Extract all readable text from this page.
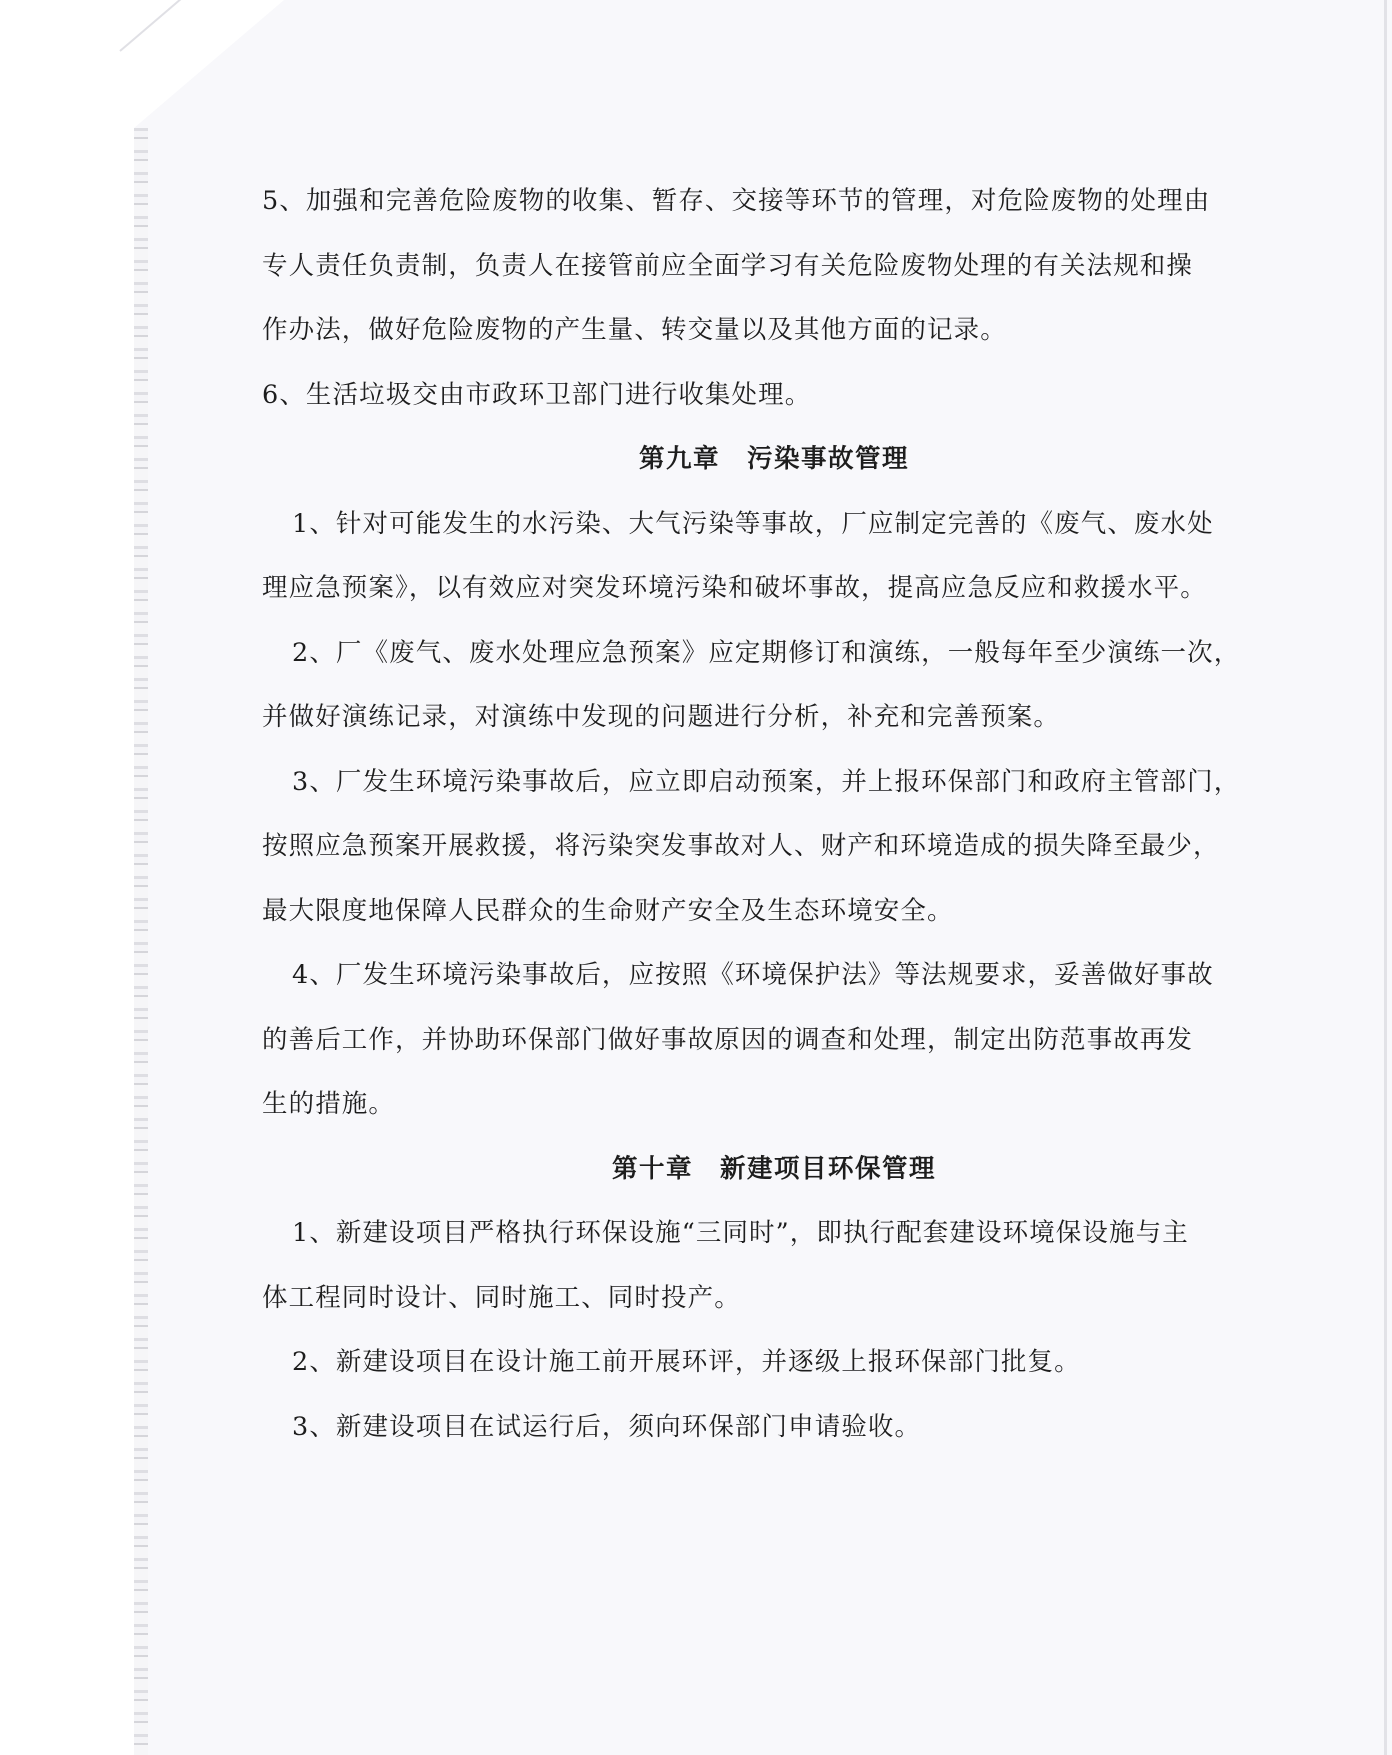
5、加强和完善危险废物的收集、暂存、交接等环节的管理，对危险废物的处理由
专人责任负责制，负责人在接管前应全面学习有关危险废物处理的有关法规和操
作办法，做好危险废物的产生量、转交量以及其他方面的记录。
6、生活垃圾交由市政环卫部门进行收集处理。
第九章　污染事故管理
1、针对可能发生的水污染、大气污染等事故，厂应制定完善的《废气、废水处
理应急预案》，以有效应对突发环境污染和破坏事故，提高应急反应和救援水平。
2、厂《废气、废水处理应急预案》应定期修订和演练，一般每年至少演练一次，
并做好演练记录，对演练中发现的问题进行分析，补充和完善预案。
3、厂发生环境污染事故后，应立即启动预案，并上报环保部门和政府主管部门，
按照应急预案开展救援，将污染突发事故对人、财产和环境造成的损失降至最少，
最大限度地保障人民群众的生命财产安全及生态环境安全。
4、厂发生环境污染事故后，应按照《环境保护法》等法规要求，妥善做好事故
的善后工作，并协助环保部门做好事故原因的调查和处理，制定出防范事故再发
生的措施。
第十章　新建项目环保管理
1、新建设项目严格执行环保设施“三同时”，即执行配套建设环境保设施与主
体工程同时设计、同时施工、同时投产。
2、新建设项目在设计施工前开展环评，并逐级上报环保部门批复。
3、新建设项目在试运行后，须向环保部门申请验收。
